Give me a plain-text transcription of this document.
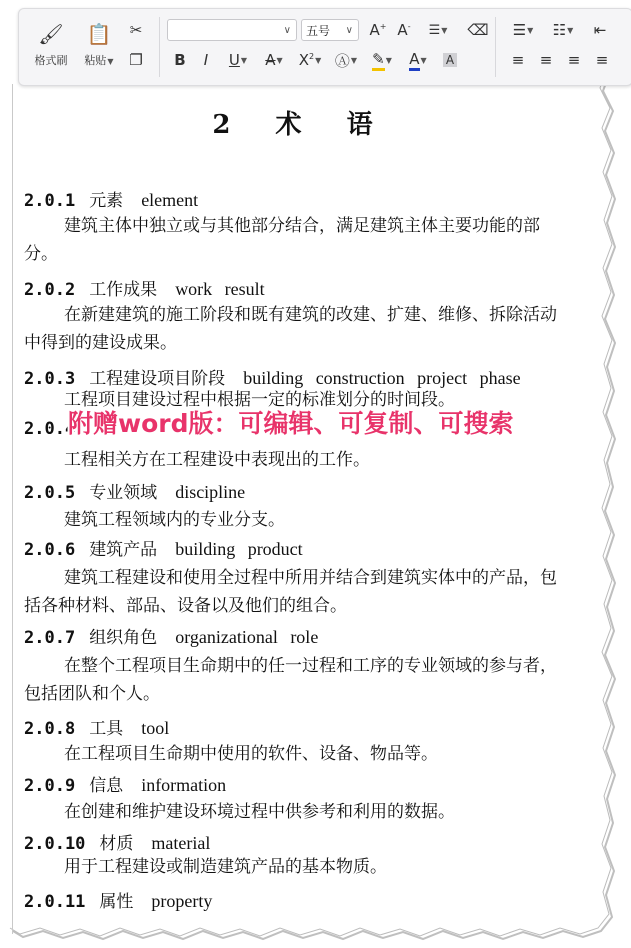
🖌
格式刷
📋
粘贴▼
✂
❐
∨ 五号 ∨ A+ A- ☰ ▼ ⌫
B I U ▼ A ▼ $X^2$ ▼ Ⓐ ▼ ✎ ▼ A ▼ A
☰ ▼ ☷ ▼ ⇤
≡ ≡ ≡ ≡
2 术 语
2.0.1 元素 element
建筑主体中独立或与其他部分结合，满足建筑主体主要功能的部分。
2.0.2 工作成果 work result
在新建建筑的施工阶段和既有建筑的改建、扩建、维修、拆除活动中得到的建设成果。
2.0.3 工程建设项目阶段 building construction project phase
工程项目建设过程中根据一定的标准划分的时间段。
2.0.4
工程相关方在工程建设中表现出的工作。
2.0.5 专业领域 discipline
建筑工程领域内的专业分支。
2.0.6 建筑产品 building product
建筑工程建设和使用全过程中所用并结合到建筑实体中的产品，包括各种材料、部品、设备以及他们的组合。
2.0.7 组织角色 organizational role
在整个工程项目生命期中的任一过程和工序的专业领域的参与者，包括团队和个人。
2.0.8 工具 tool
在工程项目生命期中使用的软件、设备、物品等。
2.0.9 信息 information
在创建和维护建设环境过程中供参考和利用的数据。
2.0.10 材质 material
用于工程建设或制造建筑产品的基本物质。
2.0.11 属性 property
附赠word版：可编辑、可复制、可搜索
